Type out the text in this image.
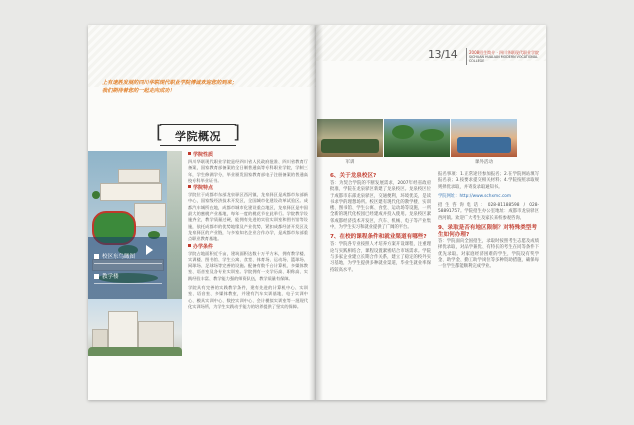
上有速胜发展的四川华联现代职业学院博诚欢迎您的到来；
我们期待着您的一起走向成功！
[	]
学院概况
校区东鸟瞰图
教学楼
学院性质
四川华联现代职业学院是经四川省人民政府批准、四川省教育厅备案，国家教育部备案的全日制普通高等专科职业学院，学制三年，学生修满学分，毕业颁发国家教育部电子注册备案的普通高校专科毕业证书。
学院特点
学院位于成都市东部龙泉驿区西河镇，龙泉驿区是成都市东部新中心，国家级经济技术开发区，全国城市化建设改革试验区。成都汽车城所在地，成都市城市化建设重点地区，龙泉驿区是中国最大的蜜桃产业基地，每年一度的桃花节在此举行。学院教学设施齐全，教学质量过硬，能拥有先进的实验实训室和图书馆等设施，依托成都市的优势地缘及产业优势，紧扣成都经济开发区及龙泉驿区的产业链，与多家知名企业合作办学，是成都市东部重点职业教育基地。
办学条件
学院占地面积近千亩，建筑面积达数十万平方米，拥有教学楼、实训楼、图书馆、学生公寓、食堂、体育场、运动场、篮球场、网球场、足球场等完善的设施。配备有数千台计算机、多媒体教室、语音室及各专业实训室。学院拥有一支学历高、职称高、实践经验丰富、教学能力强的师资队伍，教学质量有保障。
学院具有完善的实践教学条件，建有先进的计算机中心、实训室、语音室、多媒体教室，并建有汽车实训基地、电子实训中心、模具实训中心、数控实训中心、会计模拟实训室等一批现代化实训场所，为学生实践动手能力的培养提供了坚实的保障。
军训	课外活动
6、关于龙泉校区?
答：为契合学院的不断发展需求，2007年经省政府批准，学院在龙泉驿区新建了龙泉校区。龙泉校区位于成都市东部龙泉驿区，交通便利，环境优美，是读书求学的理想场所。校区建有现代化的教学楼、实训楼、图书馆、学生公寓、食堂、运动场等设施，一所全新的现代化校园已经建成并投入使用。龙泉校区紧邻成都经济技术开发区，汽车、机械、电子等产业集中，为学生实习和就业提供了广阔的平台。
7、在校的课程条件和就业渠道有哪些?
答：学院各专业按照人才培养方案开设课程，注重理论与实践相结合，课程设置紧密结合市场需求。学院与多家企业建立长期合作关系，建立了稳定的校外实习基地，为学生提供多种就业渠道，毕业生就业率保持较高水平。
报名事项：1.正常途径参加报名；2.在学院网站填写报名表；3.按要求提交相关材料；4.学院按照录取规则择优录取，并寄发录取通知书。
学院网址：http://www.schxmc.com
招生咨询电话：028-81188598 / 028-58891757。学院招生办公室地址：成都市龙泉驿区西河镇。欢迎广大考生及家长来校参观咨询。
9、录取是否有地区限制？对特殊类型考生如何办理?
答：学院面向全国招生，录取时按照考生志愿及成绩择优录取，对品学兼优、有特长的考生在同等条件下优先录取。对家庭经济困难的学生，学院设有奖学金、助学金、勤工助学岗位等多种资助措施，确保每一位学生都能顺利完成学业。
13/14	2008招生简介 · 四川华联现代职业学院
SICHUAN HUALIAN MODERN VOCATIONAL COLLEGE
